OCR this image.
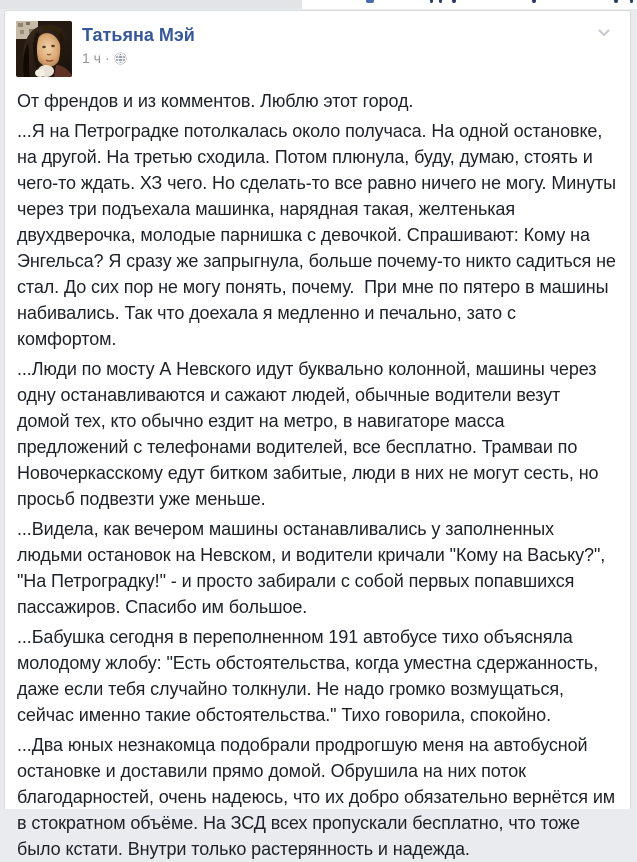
Татьяна Мэй
1 ч ·

От френдов и из комментов. Люблю этот город.

...Я на Петроградке потолкалась около получаса. На одной остановке, на другой. На третью сходила. Потом плюнула, буду, думаю, стоять и чего-то ждать. ХЗ чего. Но сделать-то все равно ничего не могу. Минуты через три подъехала машинка, нарядная такая, желтенькая двухдверочка, молодые парнишка с девочкой. Спрашивают: Кому на Энгельса? Я сразу же запрыгнула, больше почему-то никто садиться не стал. До сих пор не могу понять, почему.  При мне по пятеро в машины набивались. Так что доехала я медленно и печально, зато с комфортом.

...Люди по мосту А Невского идут буквально колонной, машины через одну останавливаются и сажают людей, обычные водители везут домой тех, кто обычно ездит на метро, в навигаторе масса предложений с телефонами водителей, все бесплатно. Трамваи по Новочеркасскому едут битком забитые, люди в них не могут сесть, но просьб подвезти уже меньше.

...Видела, как вечером машины останавливались у заполненных людьми остановок на Невском, и водители кричали "Кому на Ваську?", "На Петроградку!" - и просто забирали с собой первых попавшихся пассажиров. Спасибо им большое.

...Бабушка сегодня в переполненном 191 автобусе тихо объясняла молодому жлобу: "Есть обстоятельства, когда уместна сдержанность, даже если тебя случайно толкнули. Не надо громко возмущаться, сейчас именно такие обстоятельства." Тихо говорила, спокойно.

...Два юных незнакомца подобрали продрогшую меня на автобусной остановке и доставили прямо домой. Обрушила на них поток благодарностей, очень надеюсь, что их добро обязательно вернётся им в стократном объёме. На ЗСД всех пропускали бесплатно, что тоже было кстати. Внутри только растерянность и надежда.
